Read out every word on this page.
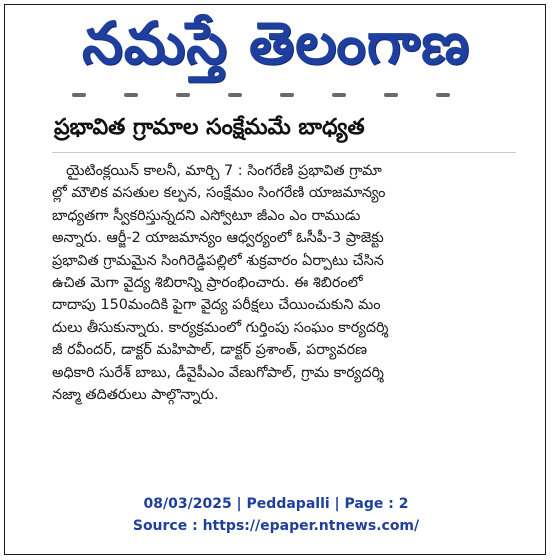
నమస్తే తెలంగాణ
ప్రభావిత గ్రామాల సంక్షేమమే బాధ్యత
యైటింక్లయిన్ కాలనీ, మార్చి 7 : సింగరేణి ప్రభావిత గ్రామా
ల్లో మౌలిక వసతుల కల్పన, సంక్షేమం సింగరేణి యాజమాన్యం
బాధ్యతగా స్వీకరిస్తున్నదని ఎస్వోటూ జీఎం ఎం రాముడు
అన్నారు. ఆర్జీ-2 యాజమాన్యం ఆధ్వర్యంలో ఓసీపీ-3 ప్రాజెక్టు
ప్రభావిత గ్రామమైన సింగిరెడ్డిపల్లిలో శుక్రవారం ఏర్పాటు చేసిన
ఉచిత మెగా వైద్య శిబిరాన్ని ప్రారంభించారు. ఈ శిబిరంలో
దాదాపు 150మందికి పైగా వైద్య పరీక్షలు చేయించుకుని మం
దులు తీసుకున్నారు. కార్యక్రమంలో గుర్తింపు సంఘం కార్యదర్శి
జీ రవీందర్, డాక్టర్ మహిపాల్, డాక్టర్ ప్రశాంత్, పర్యావరణ
అధికారి సురేశ్ బాబు, డీవైపీఎం వేణుగోపాల్, గ్రామ కార్యదర్శి
నజ్మా తదితరులు పాల్గొన్నారు.
08/03/2025 | Peddapalli | Page : 2
Source : https://epaper.ntnews.com/
